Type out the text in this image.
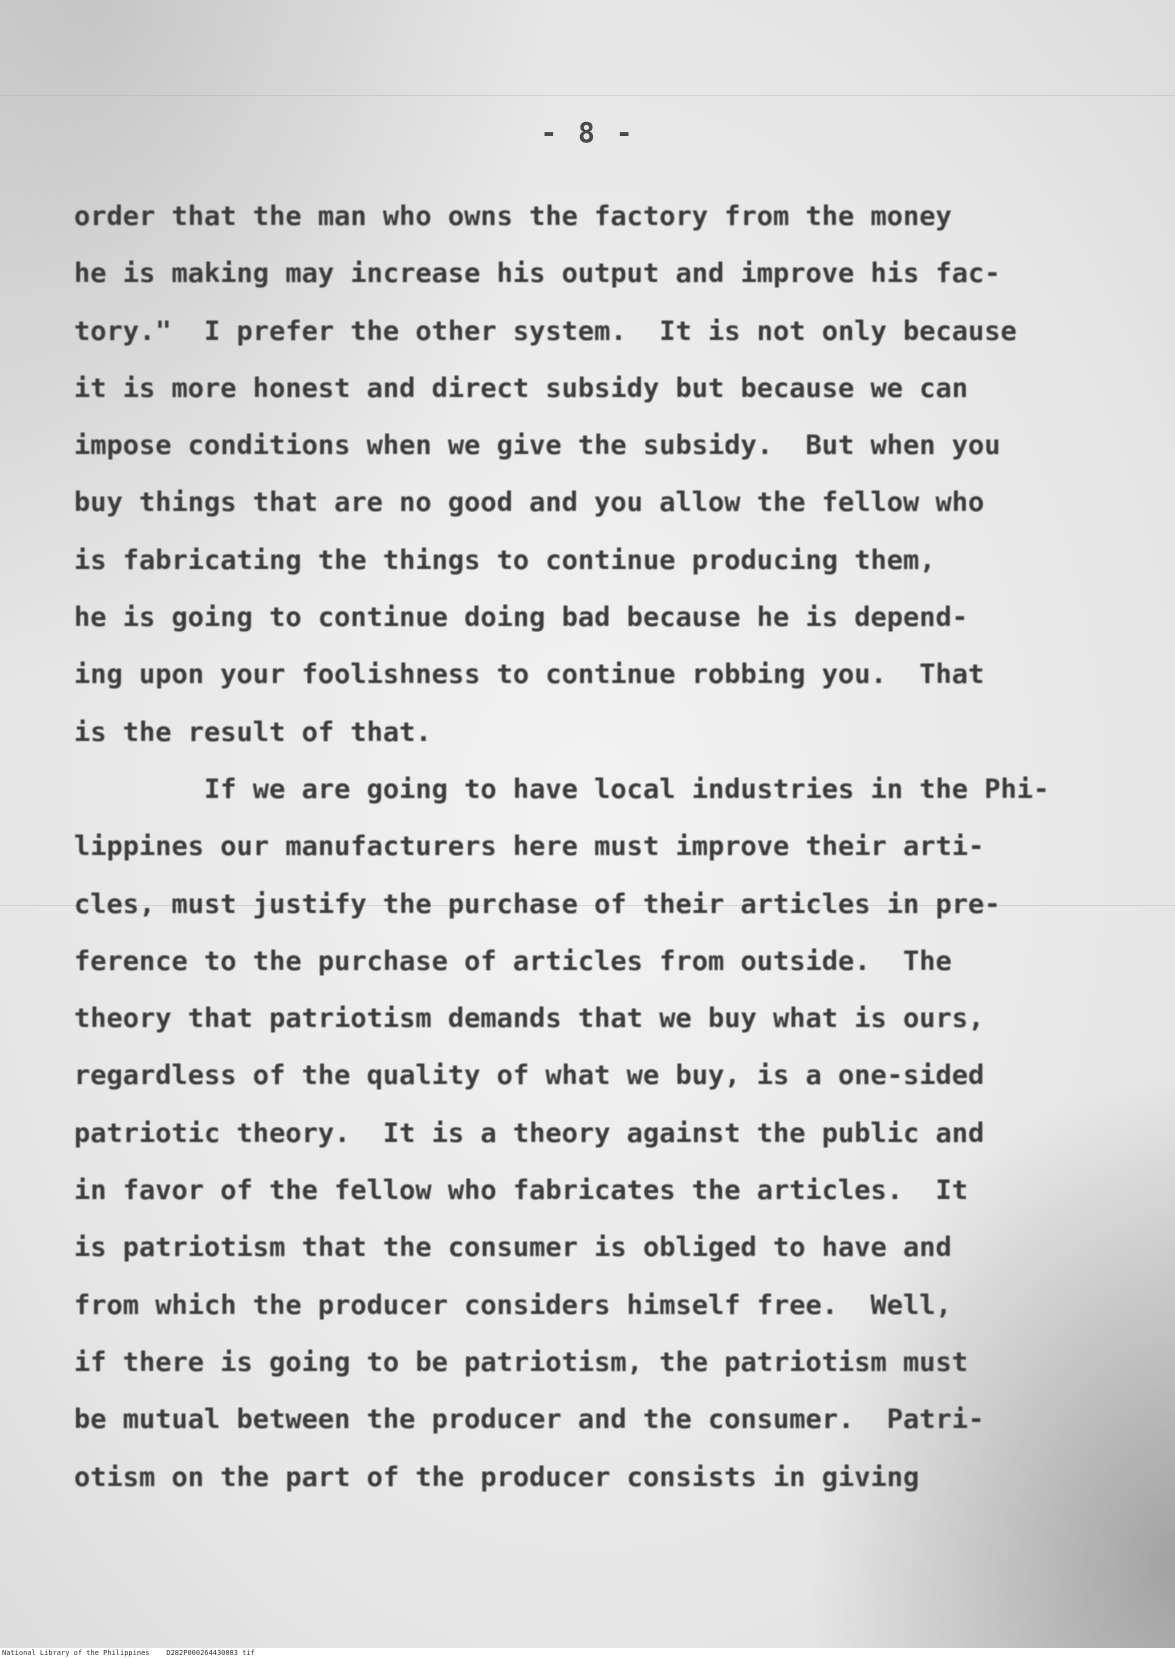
- 8 -
order that the man who owns the factory from the money
he is making may increase his output and improve his fac-
tory."  I prefer the other system.  It is not only because
it is more honest and direct subsidy but because we can
impose conditions when we give the subsidy.  But when you
buy things that are no good and you allow the fellow who
is fabricating the things to continue producing them,
he is going to continue doing bad because he is depend-
ing upon your foolishness to continue robbing you.  That
is the result of that.
If we are going to have local industries in the Phi-
lippines our manufacturers here must improve their arti-
cles, must justify the purchase of their articles in pre-
ference to the purchase of articles from outside.  The
theory that patriotism demands that we buy what is ours,
regardless of the quality of what we buy, is a one-sided
patriotic theory.  It is a theory against the public and
in favor of the fellow who fabricates the articles.  It
is patriotism that the consumer is obliged to have and
from which the producer considers himself free.  Well,
if there is going to be patriotism, the patriotism must
be mutual between the producer and the consumer.  Patri-
otism on the part of the producer consists in giving
National Library of the Philippines D282P000264430083 tif
